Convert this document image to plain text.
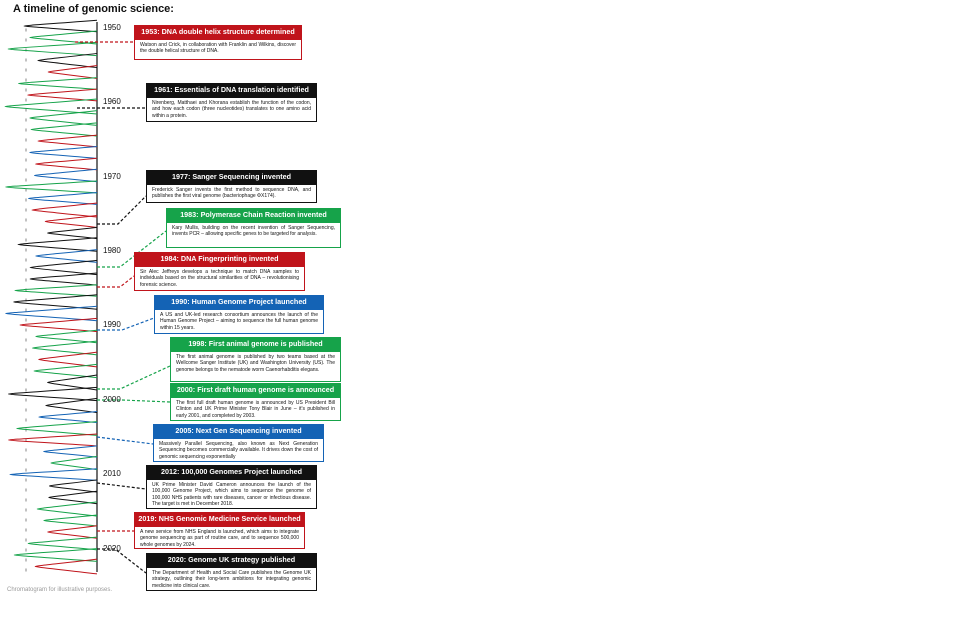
A timeline of genomic science:
1950
1960
1970
1980
1990
2000
2010
2020
1953: DNA double helix structure determined
Watson and Crick, in collaboration with Franklin and Wilkins, discover the double helical structure of DNA.
1961: Essentials of DNA translation identified
Nirenberg, Matthaei and Khorana establish the function of the codon, and how each codon (three nucleotides) translates to one amino acid within a protein.
1977: Sanger Sequencing invented
Frederick Sanger invents the first method to sequence DNA, and publishes the first viral genome (bacteriophage ΦX174).
1983: Polymerase Chain Reaction invented
Kary Mullis, building on the recent invention of Sanger Sequencing, invents PCR – allowing specific genes to be targeted for analysis.
1984: DNA Fingerprinting invented
Sir Alec Jeffreys develops a technique to match DNA samples to individuals based on the structural similarities of DNA – revolutionising forensic science.
1990: Human Genome Project launched
A US and UK-led research consortium announces the launch of the Human Genome Project – aiming to sequence the full human genome within 15 years.
1998: First animal genome is published
The first animal genome is published by two teams based at the Wellcome Sanger Institute (UK) and Washington University (US). The genome belongs to the nematode worm Caenorhabditis elegans.
2000: First draft human genome is announced
The first full draft human genome is announced by US President Bill Clinton and UK Prime Minister Tony Blair in June – it's published in early 2001, and completed by 2003.
2005: Next Gen Sequencing invented
Massively Parallel Sequencing, also known as Next Generation Sequencing becomes commercially available. It drives down the cost of genomic sequencing exponentially
2012: 100,000 Genomes Project launched
UK Prime Minister David Cameron announces the launch of the 100,000 Genome Project, which aims to sequence the genome of 100,000 NHS patients with rare diseases, cancer or infectious disease. The target is met in December 2018.
2019: NHS Genomic Medicine Service launched
A new service from NHS England is launched, which aims to integrate genome sequencing as part of routine care, and to sequence 500,000 whole genomes by 2024.
2020: Genome UK strategy published
The Department of Health and Social Care publishes the Genome UK strategy, outlining their long-term ambitions for integrating genomic medicine into clinical care.
Chromatogram for illustrative purposes.
